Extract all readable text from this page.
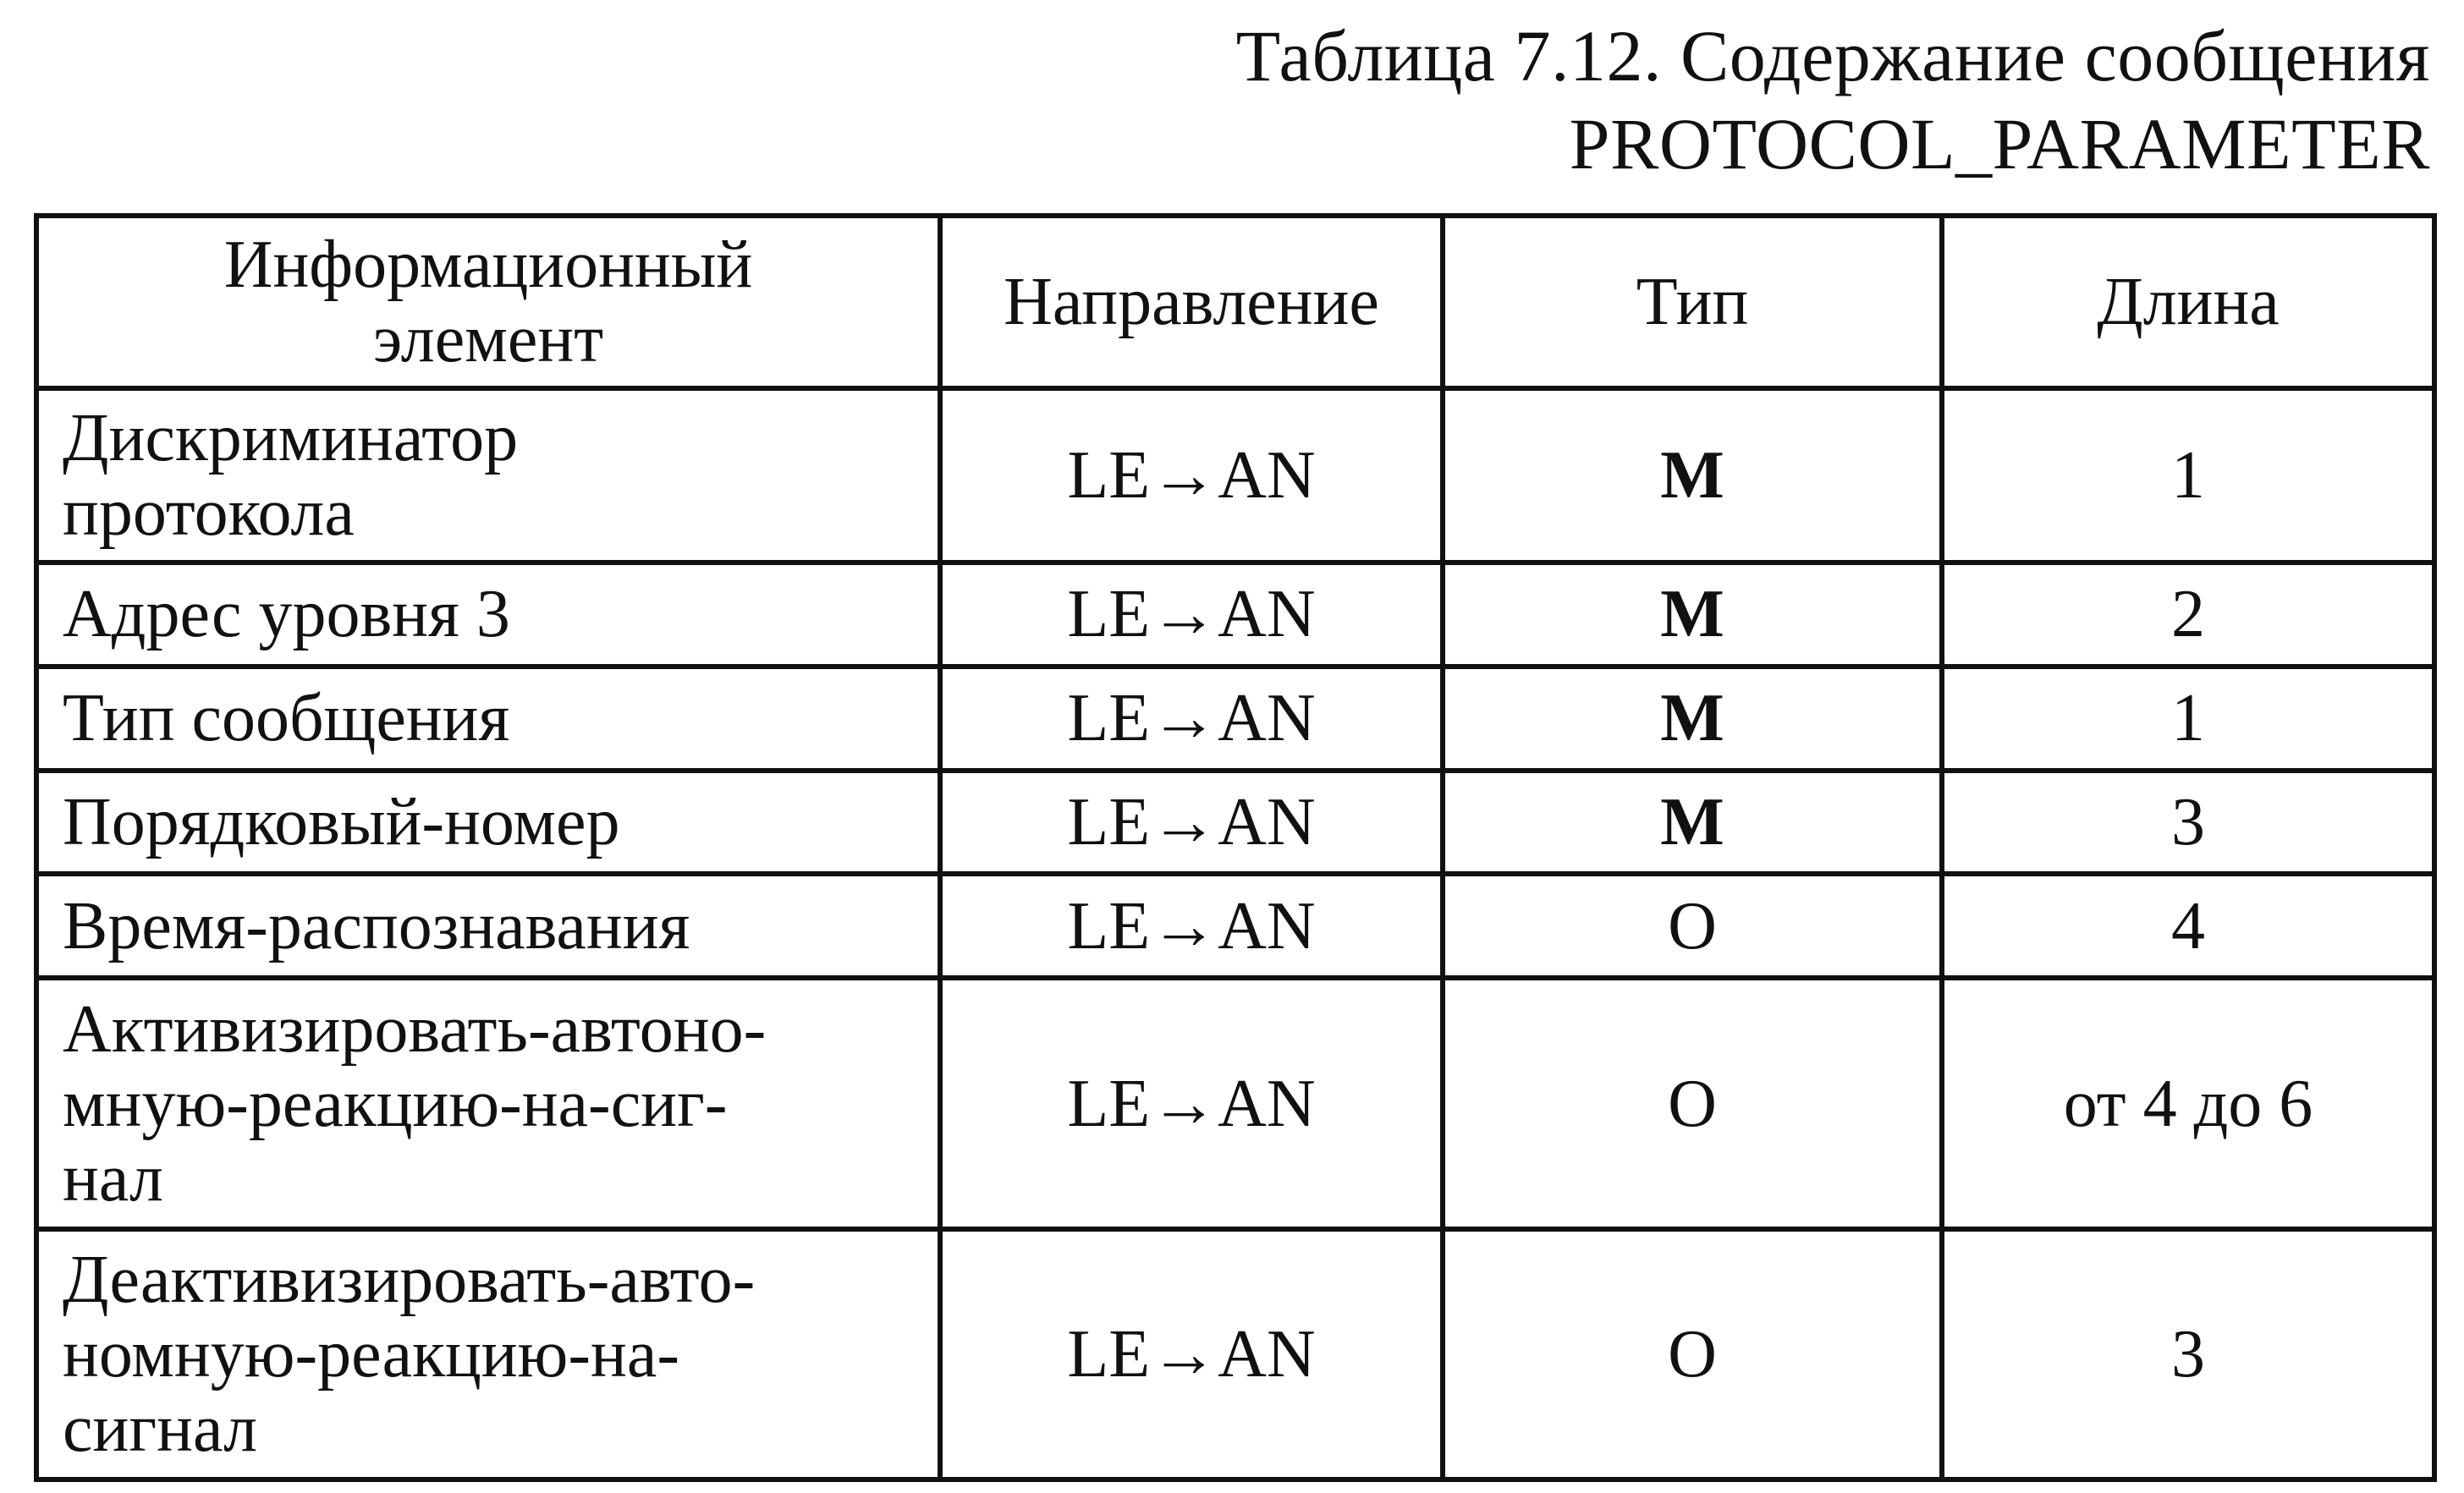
Таблица 7.12. Содержание сообщения
PROTOCOL_PARAMETER
Информационный элемент	Направление	Тип	Длина
Дискриминатор протокола	LE→AN	M	1
Адрес уровня 3	LE→AN	M	2
Тип сообщения	LE→AN	M	1
Порядковый-номер	LE→AN	M	3
Время-распознавания	LE→AN	O	4

Активизировать-автоно-
мную-реакцию-на-сиг-
нал	LE→AN	O	от 4 до 6

Деактивизировать-авто-
номную-реакцию-на-
сигнал	LE→AN	O	3
